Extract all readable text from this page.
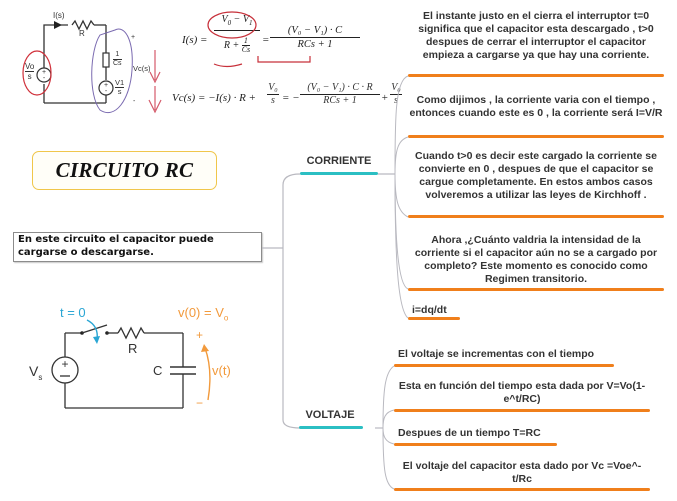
+
-
+
-
I(s)
R
Vo
s
1
Cs
V1
s
Vc(s)
+
-
I(s) =
$V_0 - V_1$
$R + \frac{1}{Cs}$ =
(V₀ − V₁) · C
RCs + 1
Vc(s) = −I(s) · R +
V₀
s = −
(V₀ − V₁) · C · R
RCs + 1	+
V₀
s
CIRCUITO RC
En este circuito el capacitor puede cargarse o descargarse.
CORRIENTE
El instante justo en el cierra el interruptor t=0 significa que el capacitor esta descargado , t>0 despues de cerrar el interruptor el capacitor empieza a cargarse ya que hay una corriente.
Como dijimos , la corriente varia con el tiempo , entonces cuando este es 0 , la corriente será I=V/R
Cuando t>0 es decir este cargado la corriente se convierte en 0 , despues de que el capacitor se cargue completamente. En estos ambos casos volveremos a utilizar las leyes de Kirchhoff .
Ahora ,¿Cuánto valdria la intensidad de la corriente si el capacitor aún no se a cargado por completo? Este momento es conocido como Regimen transitorio.
i=dq/dt
VOLTAJE
El voltaje se incrementas con el tiempo
Esta en función del tiempo esta dada por V=Vo(1-e^t/RC)
Despues de un tiempo T=RC
El voltaje del capacitor esta dado por Vc =Voe^-t/Rc
+
t = 0
R
C
$V_s$
$v(0) = V_o$
+
v(t)
−
